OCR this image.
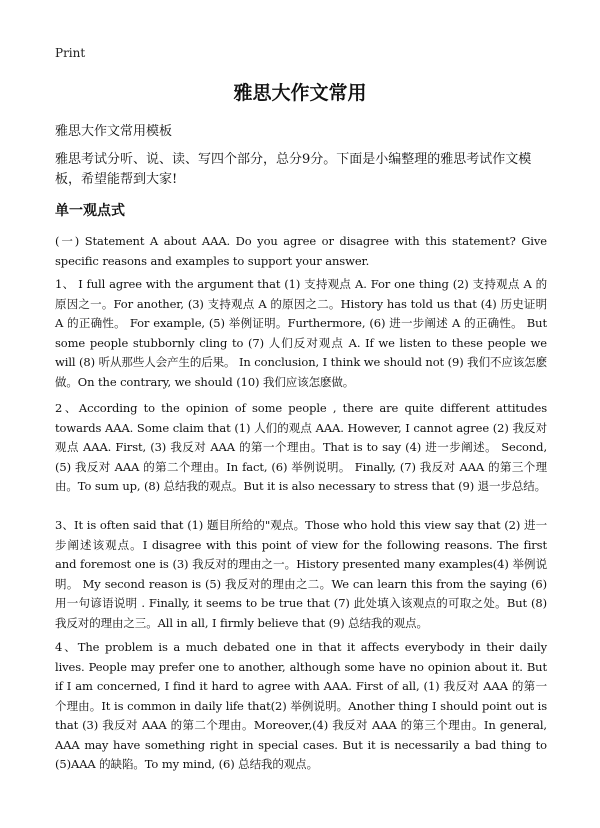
Print
雅思大作文常用

雅思大作文常用模板

雅思考试分听、说、读、写四个部分，总分9分。下面是小编整理的雅思考试作文模板，希望能帮到大家!

单一观点式

(一) Statement A about AAA. Do you agree or disagree with this statement? Give specific reasons and examples to support your answer.

1、 I full agree with the argument that (1) 支持观点 A. For one thing (2) 支持观点 A 的原因之一。For another, (3) 支持观点 A 的原因之二。History has told us that (4) 历史证明 A 的正确性。 For example, (5) 举例证明。Furthermore, (6) 进一步阐述 A 的正确性。 But some people stubbornly cling to (7) 人们反对观点 A. If we listen to these people we will (8) 听从那些人会产生的后果。 In conclusion, I think we should not (9) 我们不应该怎麽做。On the contrary, we should (10) 我们应该怎麽做。

2、According to the opinion of some people , there are quite different attitudes towards AAA. Some claim that (1) 人们的观点 AAA. However, I cannot agree (2) 我反对观点 AAA. First, (3) 我反对 AAA 的第一个理由。That is to say (4) 进一步阐述。 Second, (5) 我反对 AAA 的第二个理由。In fact, (6) 举例说明。 Finally, (7) 我反对 AAA 的第三个理由。To sum up, (8) 总结我的观点。But it is also necessary to stress that (9) 退一步总结。

3、It is often said that (1) 题目所给的"观点。Those who hold this view say that (2) 进一步阐述该观点。I disagree with this point of view for the following reasons. The first and foremost one is (3) 我反对的理由之一。History presented many examples(4) 举例说明。 My second reason is (5) 我反对的理由之二。We can learn this from the saying (6) 用一句谚语说明 . Finally, it seems to be true that (7) 此处填入该观点的可取之处。But (8) 我反对的理由之三。All in all, I firmly believe that (9) 总结我的观点。

4、The problem is a much debated one in that it affects everybody in their daily lives. People may prefer one to another, although some have no opinion about it. But if I am concerned, I find it hard to agree with AAA. First of all, (1) 我反对 AAA 的第一个理由。It is common in daily life that(2) 举例说明。Another thing I should point out is that (3) 我反对 AAA 的第二个理由。Moreover,(4) 我反对 AAA 的第三个理由。In general, AAA may have something right in special cases. But it is necessarily a bad thing to (5)AAA 的缺陷。To my mind, (6) 总结我的观点。
